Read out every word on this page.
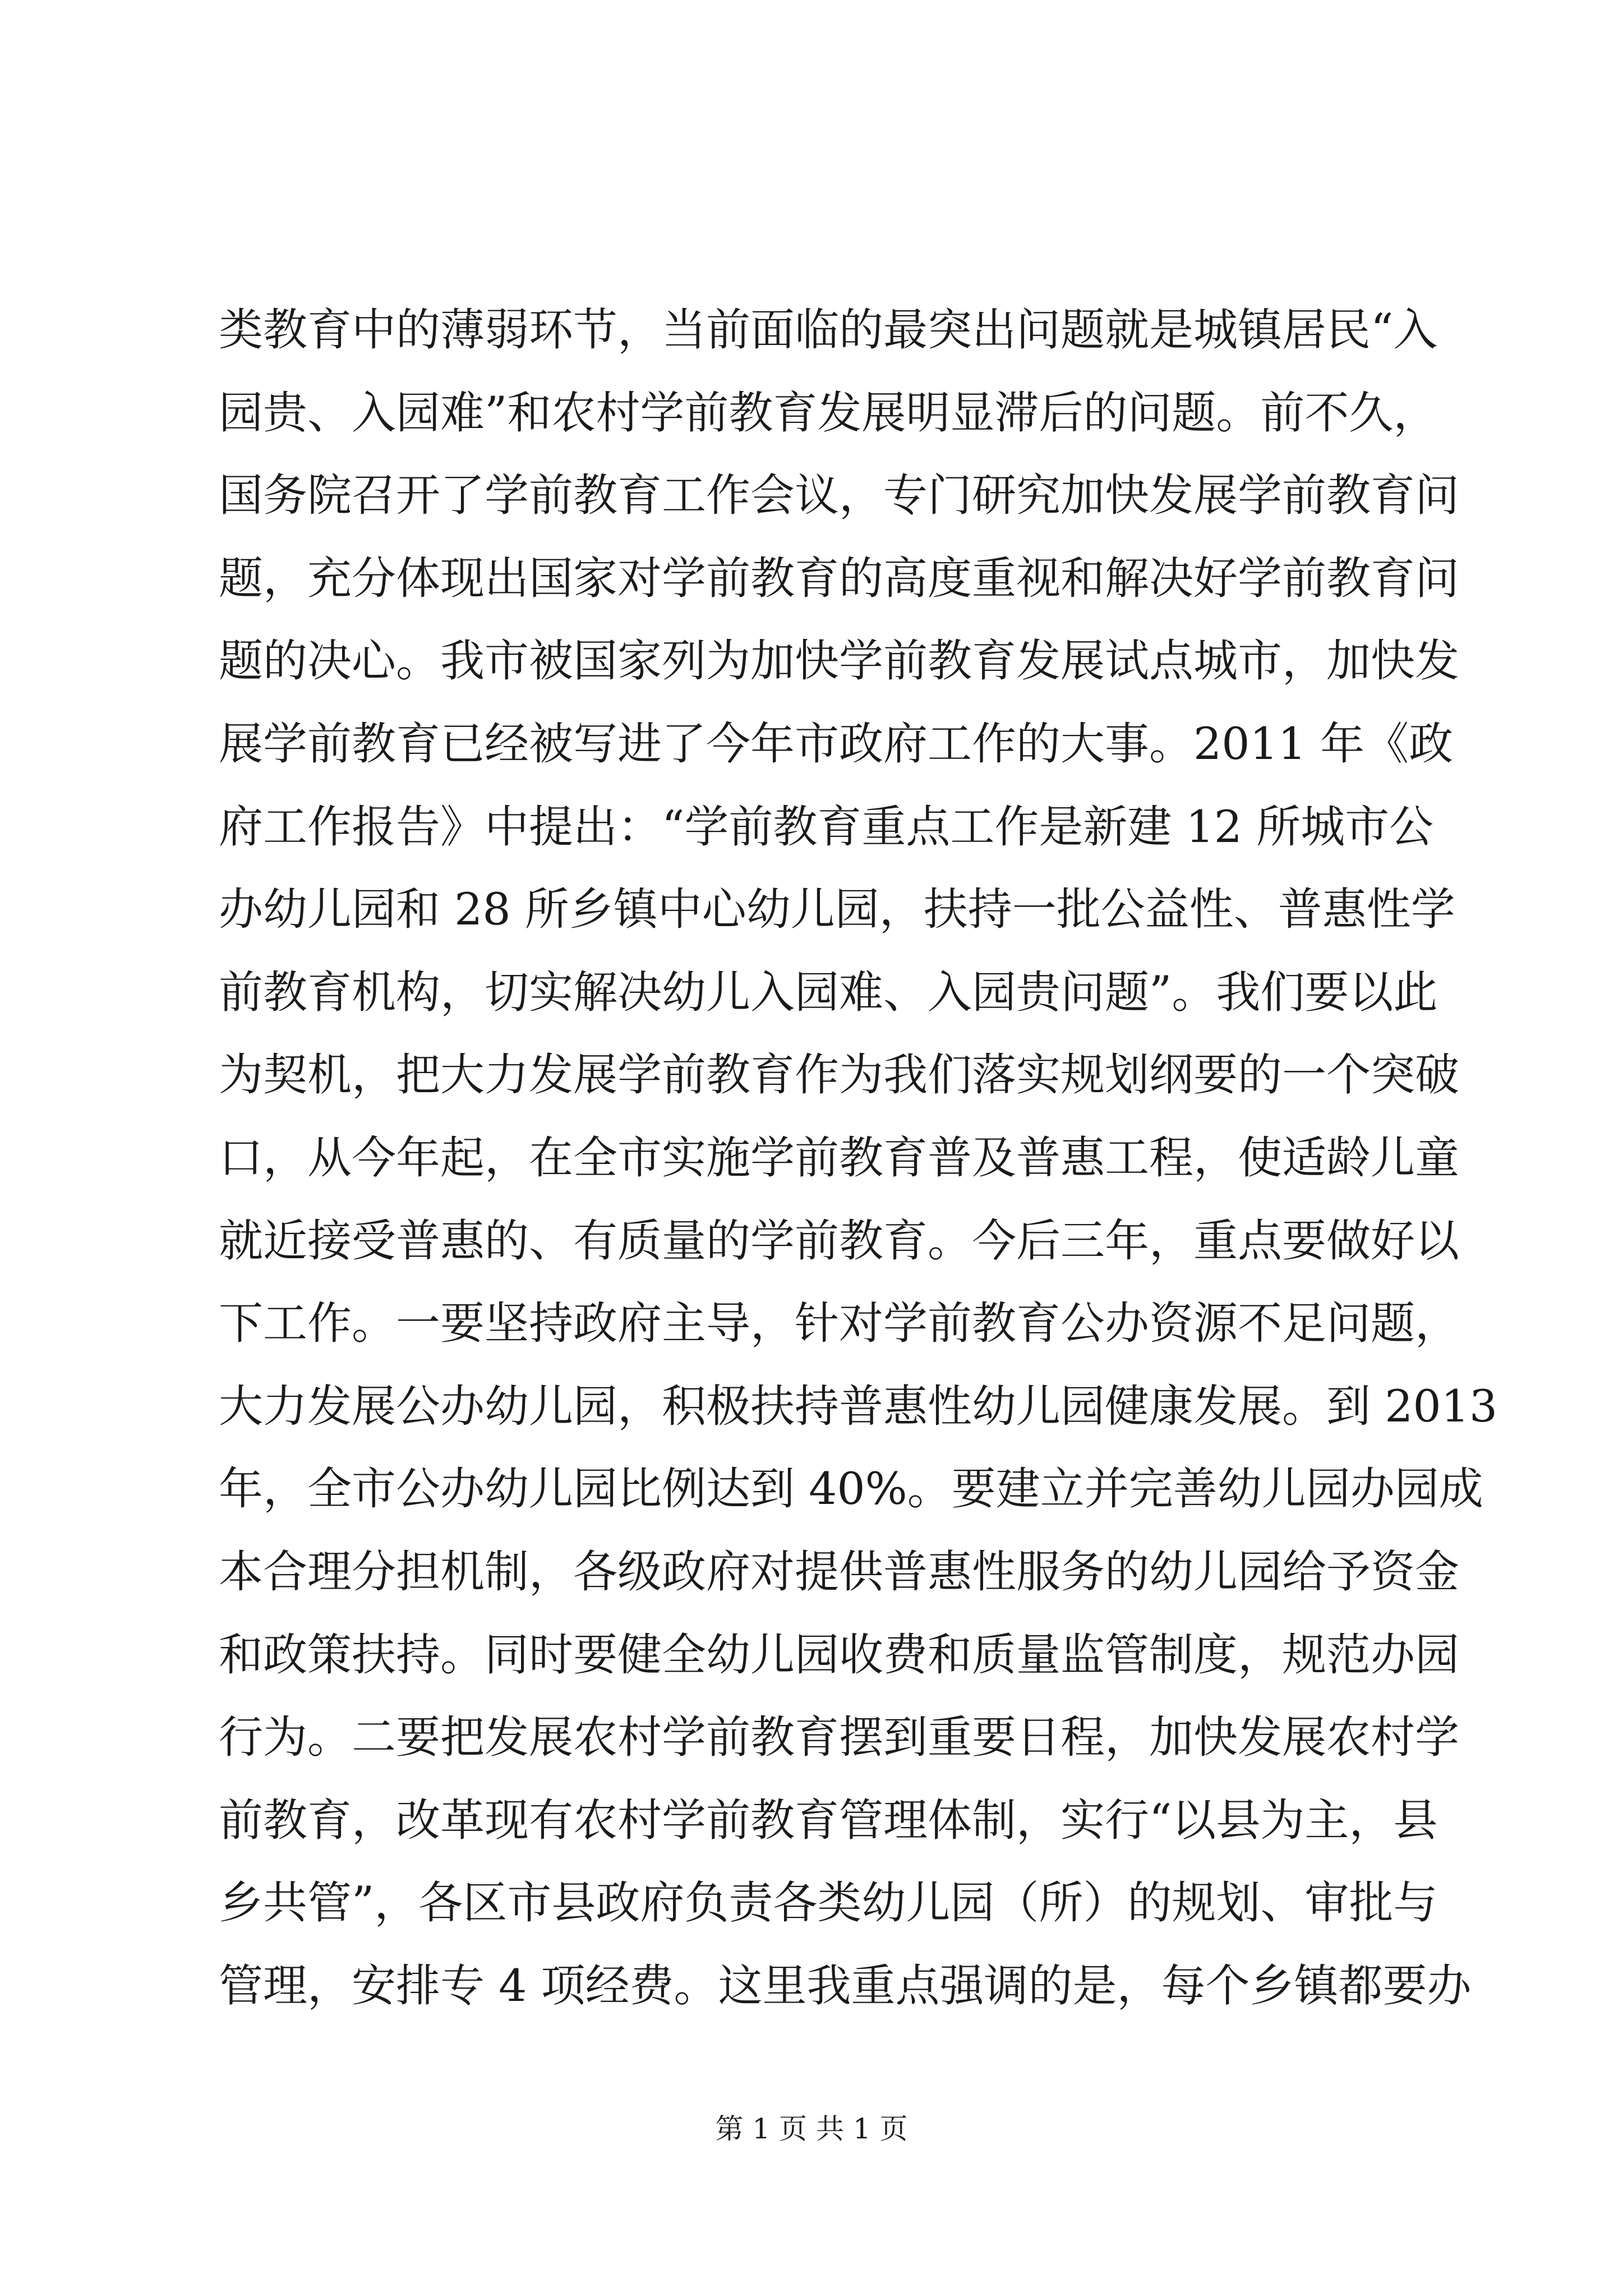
类教育中的薄弱环节，当前面临的最突出问题就是城镇居民“入
园贵、入园难”和农村学前教育发展明显滞后的问题。前不久，
国务院召开了学前教育工作会议，专门研究加快发展学前教育问
题，充分体现出国家对学前教育的高度重视和解决好学前教育问
题的决心。我市被国家列为加快学前教育发展试点城市，加快发
展学前教育已经被写进了今年市政府工作的大事。2011 年《政
府工作报告》中提出：“学前教育重点工作是新建 12 所城市公
办幼儿园和 28 所乡镇中心幼儿园，扶持一批公益性、普惠性学
前教育机构，切实解决幼儿入园难、入园贵问题”。我们要以此
为契机，把大力发展学前教育作为我们落实规划纲要的一个突破
口，从今年起，在全市实施学前教育普及普惠工程，使适龄儿童
就近接受普惠的、有质量的学前教育。今后三年，重点要做好以
下工作。一要坚持政府主导，针对学前教育公办资源不足问题，
大力发展公办幼儿园，积极扶持普惠性幼儿园健康发展。到 2013
年，全市公办幼儿园比例达到 40%。要建立并完善幼儿园办园成
本合理分担机制，各级政府对提供普惠性服务的幼儿园给予资金
和政策扶持。同时要健全幼儿园收费和质量监管制度，规范办园
行为。二要把发展农村学前教育摆到重要日程，加快发展农村学
前教育，改革现有农村学前教育管理体制，实行“以县为主，县
乡共管”，各区市县政府负责各类幼儿园（所）的规划、审批与
管理，安排专 4 项经费。这里我重点强调的是，每个乡镇都要办
第 1 页 共 1 页
